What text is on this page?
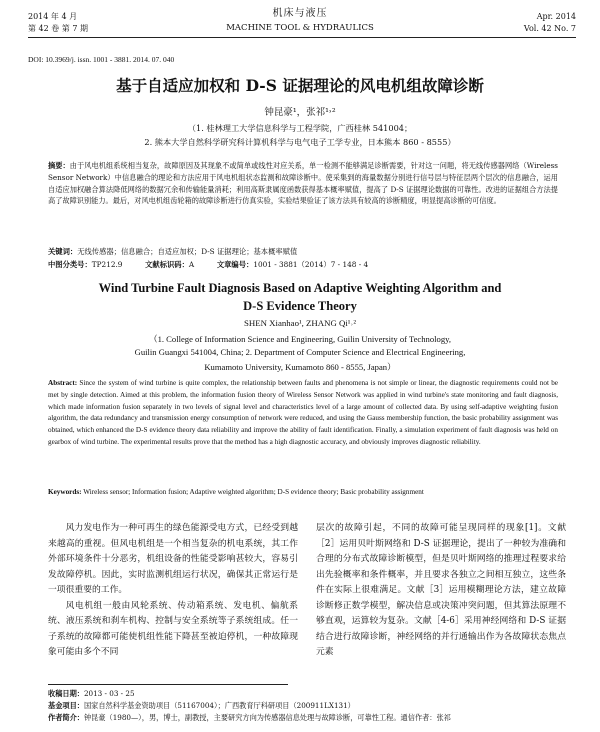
2014 年 4 月
第 42 卷 第 7 期
机床与液压
MACHINE TOOL & HYDRAULICS
Apr. 2014
Vol. 42 No. 7
DOI: 10.3969/j. issn. 1001 - 3881. 2014. 07. 040
基于自适应加权和 D-S 证据理论的风电机组故障诊断
钟昆豪¹，张祁¹˒²
（1. 桂林理工大学信息科学与工程学院，广西桂林 541004；
2. 熊本大学自然科学研究科计算机科学与电气电子工学专业，日本熊本 860 - 8555）
摘要：由于风电机组系统相当复杂，故障原因及其现象不或简单或线性对应关系，单一检测不能够满足诊断需要，针对这一问题，将无线传感器网络（Wireless Sensor Network）中信息融合的理论和方法应用于风电机组状态监测和故障诊断中。使采集到的海量数据分别进行信号层与特征层两个层次的信息融合，运用自适应加权融合算法降低网络的数据冗余和传输能量消耗；利用高斯隶属度函数获得基本概率赋值，提高了 D-S 证据理论数据的可靠性。改进的证据组合方法提高了故障识别能力。最后，对风电机组齿轮箱的故障诊断进行仿真实验，实验结果验证了该方法具有较高的诊断精度，明显提高诊断的可信度。
关键词：无线传感器；信息融合；自适应加权；D-S 证据理论；基本概率赋值
中图分类号：TP212.9	文献标识码：A	文章编号：1001 - 3881（2014）7 - 148 - 4
Wind Turbine Fault Diagnosis Based on Adaptive Weighting Algorithm and
D-S Evidence Theory
SHEN Xianhao¹, ZHANG Qi¹˒²
（1. College of Information Science and Engineering, Guilin University of Technology,
Guilin Guangxi 541004, China; 2. Department of Computer Science and Electrical Engineering,
Kumamoto University, Kumamoto 860 - 8555, Japan）
Abstract: Since the system of wind turbine is quite complex, the relationship between faults and phenomena is not simple or linear, the diagnostic requirements could not be met by single detection. Aimed at this problem, the information fusion theory of Wireless Sensor Network was applied in wind turbine's state monitoring and fault diagnosis, which made information fusion separately in two levels of signal level and characteristics level of a large amount of collected data. By using self-adaptive weighting fusion algorithm, the data redundancy and transmission energy consumption of network were reduced, and using the Gauss membership function, the basic probability assignment was obtained, which enhanced the D-S evidence theory data reliability and improve the ability of fault identification. Finally, a simulation experiment of fault diagnosis was held on gearbox of wind turbine. The experimental results prove that the method has a high diagnostic accuracy, and obviously improves diagnostic reliability.
Keywords: Wireless sensor; Information fusion; Adaptive weighted algorithm; D-S evidence theory; Basic probability assignment

风力发电作为一种可再生的绿色能源受电方式，已经受到越来越高的重视。但风电机组是一个相当复杂的机电系统，其工作外部环境条件十分恶劣，机组设备的性能受影响甚较大，容易引发故障停机。因此，实时监测机组运行状况，确保其正常运行是一项很重要的工作。

风电机组一般由风轮系统、传动箱系统、发电机、偏航系统、液压系统和刹车机构、控制与安全系统等子系统组成。任一子系统的故障都可能使机组性能下降甚至被迫停机，一种故障现象可能由多个不同

层次的故障引起，不同的故障可能呈现同样的现象[1]。文献［2］运用贝叶斯网络和 D-S 证据理论，提出了一种较为准确和合理的分布式故障诊断模型，但是贝叶斯网络的推理过程要求给出先验概率和条件概率，并且要求各独立之间相互独立，这些条件在实际上很难满足。文献［3］运用模糊理论方法，建立故障诊断修正数学模型，解决信息或决策冲突问题，但其算法原理不够直观，运算较为复杂。文献［4-6］采用神经网络和 D-S 证据结合进行故障诊断，神经网络的并行通输出作为各故障状态焦点元素

收稿日期：2013 - 03 - 25
基金项目：国家自然科学基金资助项目（51167004）；广西教育厅科研项目（200911LX131）
作者简介：钟昆豪（1980—），男，博士，副教授，主要研究方向为传感器信息处理与故障诊断，可靠性工程。通信作者：张祁
